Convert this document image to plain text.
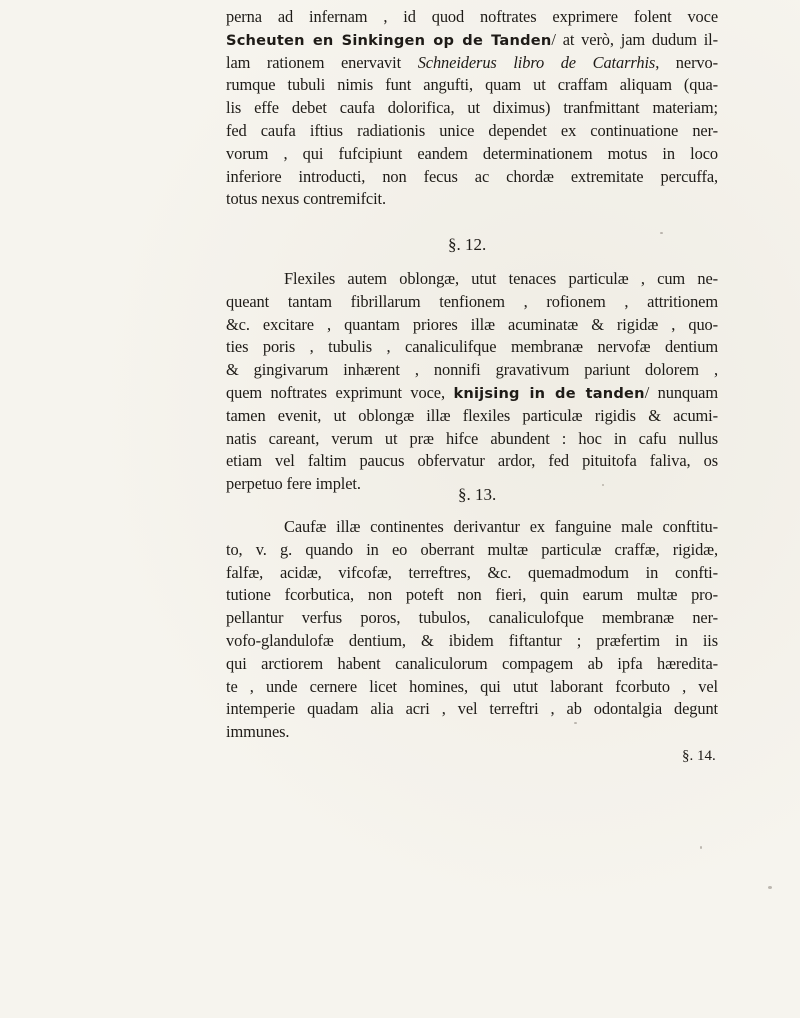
perna ad infernam , id quod noftrates exprimere folent voce
Scheuten en Sinkingen op de Tanden/ at verò, jam dudum il-
lam rationem enervavit Schneiderus libro de Catarrhis, nervo-
rumque tubuli nimis funt angufti, quam ut craffam aliquam (qua-
lis effe debet caufa dolorifica, ut diximus) tranfmittant materiam;
fed caufa iftius radiationis unice dependet ex continuatione ner-
vorum , qui fufcipiunt eandem determinationem motus in loco
inferiore introducti, non fecus ac chordæ extremitate percuffa,
totus nexus contremifcit.
§. 12.
Flexiles autem oblongæ, utut tenaces particulæ , cum ne-
queant tantam fibrillarum tenfionem , rofionem , attritionem
&c. excitare , quantam priores illæ acuminatæ & rigidæ , quo-
ties poris , tubulis , canaliculifque membranæ nervofæ dentium
& gingivarum inhærent , nonnifi gravativum pariunt dolorem ,
quem noftrates exprimunt voce, knijsing in de tanden/ nunquam
tamen evenit, ut oblongæ illæ flexiles particulæ rigidis & acumi-
natis careant, verum ut præ hifce abundent : hoc in cafu nullus
etiam vel faltim paucus obfervatur ardor, fed pituitofa faliva, os
perpetuo fere implet.
§. 13.
Caufæ illæ continentes derivantur ex fanguine male conftitu-
to, v. g. quando in eo oberrant multæ particulæ craffæ, rigidæ,
falfæ, acidæ, vifcofæ, terreftres, &c. quemadmodum in confti-
tutione fcorbutica, non poteft non fieri, quin earum multæ pro-
pellantur verfus poros, tubulos, canaliculofque membranæ ner-
vofo-glandulofæ dentium, & ibidem fiftantur ; præfertim in iis
qui arctiorem habent canaliculorum compagem ab ipfa hæredita-
te , unde cernere licet homines, qui utut laborant fcorbuto , vel
intemperie quadam alia acri , vel terreftri , ab odontalgia degunt
immunes.
§. 14.
